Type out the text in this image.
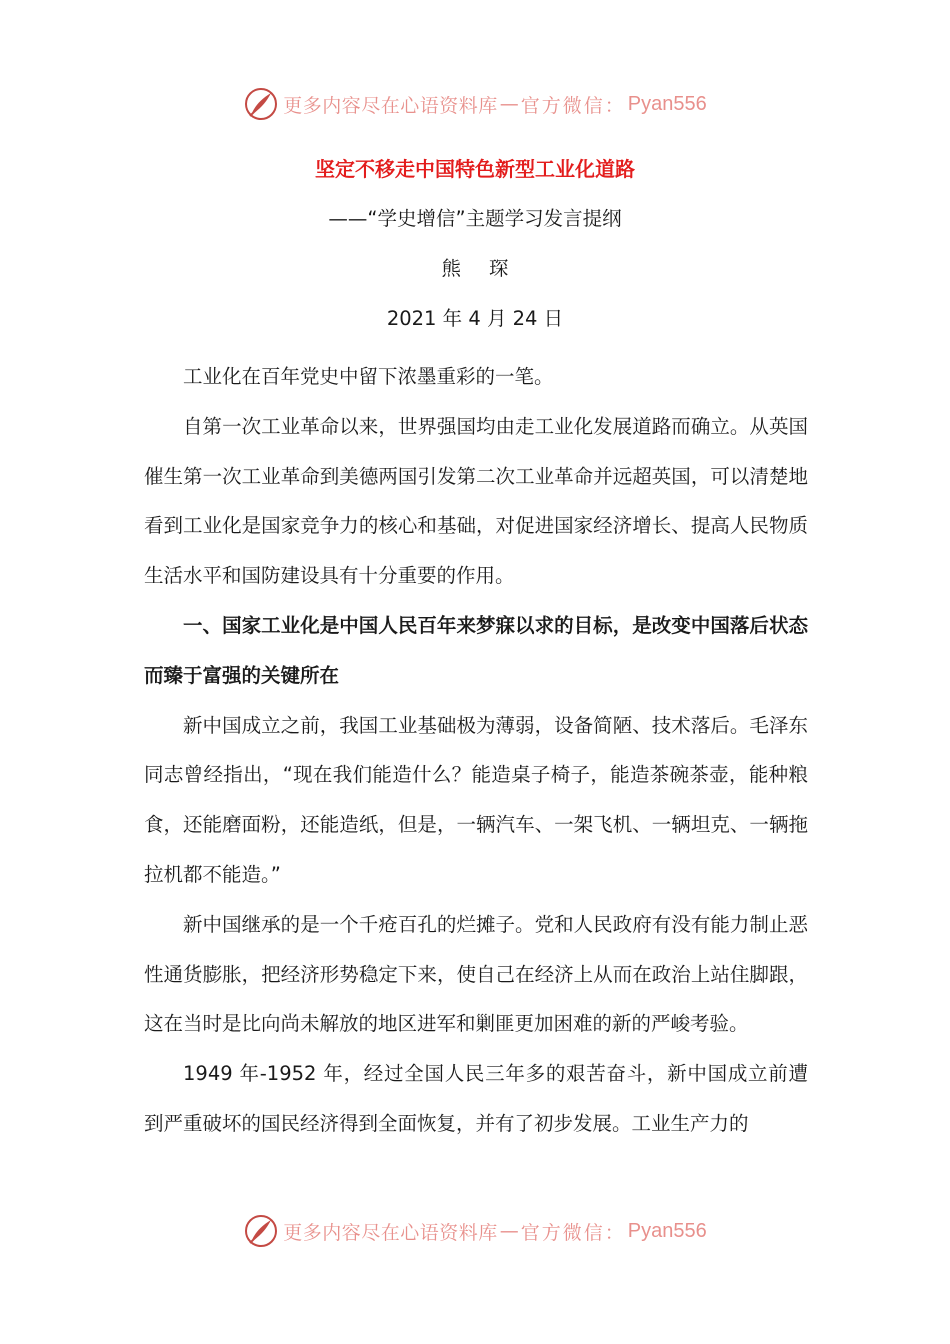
更多内容尽在心语资料库 — 官方微信： Pyan556
坚定不移走中国特色新型工业化道路
——“学史增信”主题学习发言提纲
熊琛
2021 年 4 月 24 日

工业化在百年党史中留下浓墨重彩的一笔。

自第一次工业革命以来，世界强国均由走工业化发展道路而确立。从英国催生第一次工业革命到美德两国引发第二次工业革命并远超英国，可以清楚地看到工业化是国家竞争力的核心和基础，对促进国家经济增长、提高人民物质生活水平和国防建设具有十分重要的作用。

一、国家工业化是中国人民百年来梦寐以求的目标，是改变中国落后状态而臻于富强的关键所在

新中国成立之前，我国工业基础极为薄弱，设备简陋、技术落后。毛泽东同志曾经指出，“现在我们能造什么？能造桌子椅子，能造茶碗茶壶，能种粮食，还能磨面粉，还能造纸，但是，一辆汽车、一架飞机、一辆坦克、一辆拖拉机都不能造。”

新中国继承的是一个千疮百孔的烂摊子。党和人民政府有没有能力制止恶性通货膨胀，把经济形势稳定下来，使自己在经济上从而在政治上站住脚跟，这在当时是比向尚未解放的地区进军和剿匪更加困难的新的严峻考验。

1949 年-1952 年，经过全国人民三年多的艰苦奋斗，新中国成立前遭到严重破坏的国民经济得到全面恢复，并有了初步发展。工业生产力的

更多内容尽在心语资料库 — 官方微信： Pyan556
